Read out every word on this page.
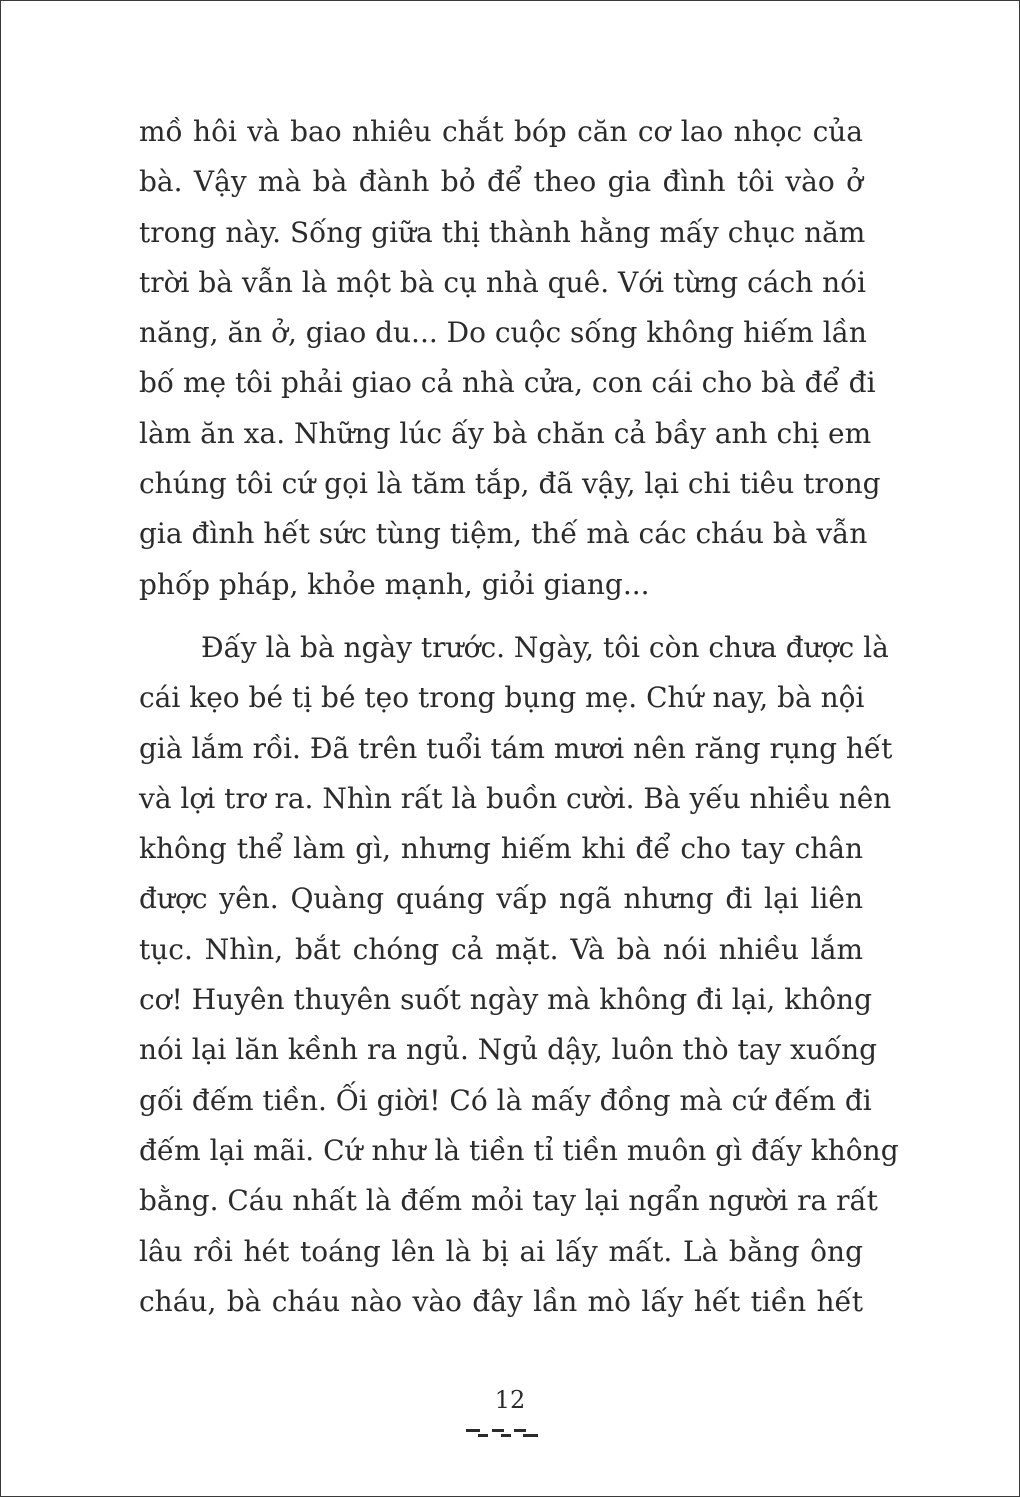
mồ hôi và bao nhiêu chắt bóp căn cơ lao nhọc của
bà. Vậy mà bà đành bỏ để theo gia đình tôi vào ở
trong này. Sống giữa thị thành hằng mấy chục năm
trời bà vẫn là một bà cụ nhà quê. Với từng cách nói
năng, ăn ở, giao du... Do cuộc sống không hiếm lần
bố mẹ tôi phải giao cả nhà cửa, con cái cho bà để đi
làm ăn xa. Những lúc ấy bà chăn cả bầy anh chị em
chúng tôi cứ gọi là tăm tắp, đã vậy, lại chi tiêu trong
gia đình hết sức tùng tiệm, thế mà các cháu bà vẫn
phốp pháp, khỏe mạnh, giỏi giang...
Đấy là bà ngày trước. Ngày, tôi còn chưa được là
cái kẹo bé tị bé tẹo trong bụng mẹ. Chứ nay, bà nội
già lắm rồi. Đã trên tuổi tám mươi nên răng rụng hết
và lợi trơ ra. Nhìn rất là buồn cười. Bà yếu nhiều nên
không thể làm gì, nhưng hiếm khi để cho tay chân
được yên. Quàng quáng vấp ngã nhưng đi lại liên
tục. Nhìn, bắt chóng cả mặt. Và bà nói nhiều lắm
cơ! Huyên thuyên suốt ngày mà không đi lại, không
nói lại lăn kềnh ra ngủ. Ngủ dậy, luôn thò tay xuống
gối đếm tiền. Ối giời! Có là mấy đồng mà cứ đếm đi
đếm lại mãi. Cứ như là tiền tỉ tiền muôn gì đấy không
bằng. Cáu nhất là đếm mỏi tay lại ngẩn người ra rất
lâu rồi hét toáng lên là bị ai lấy mất. Là bằng ông
cháu, bà cháu nào vào đây lần mò lấy hết tiền hết
12
